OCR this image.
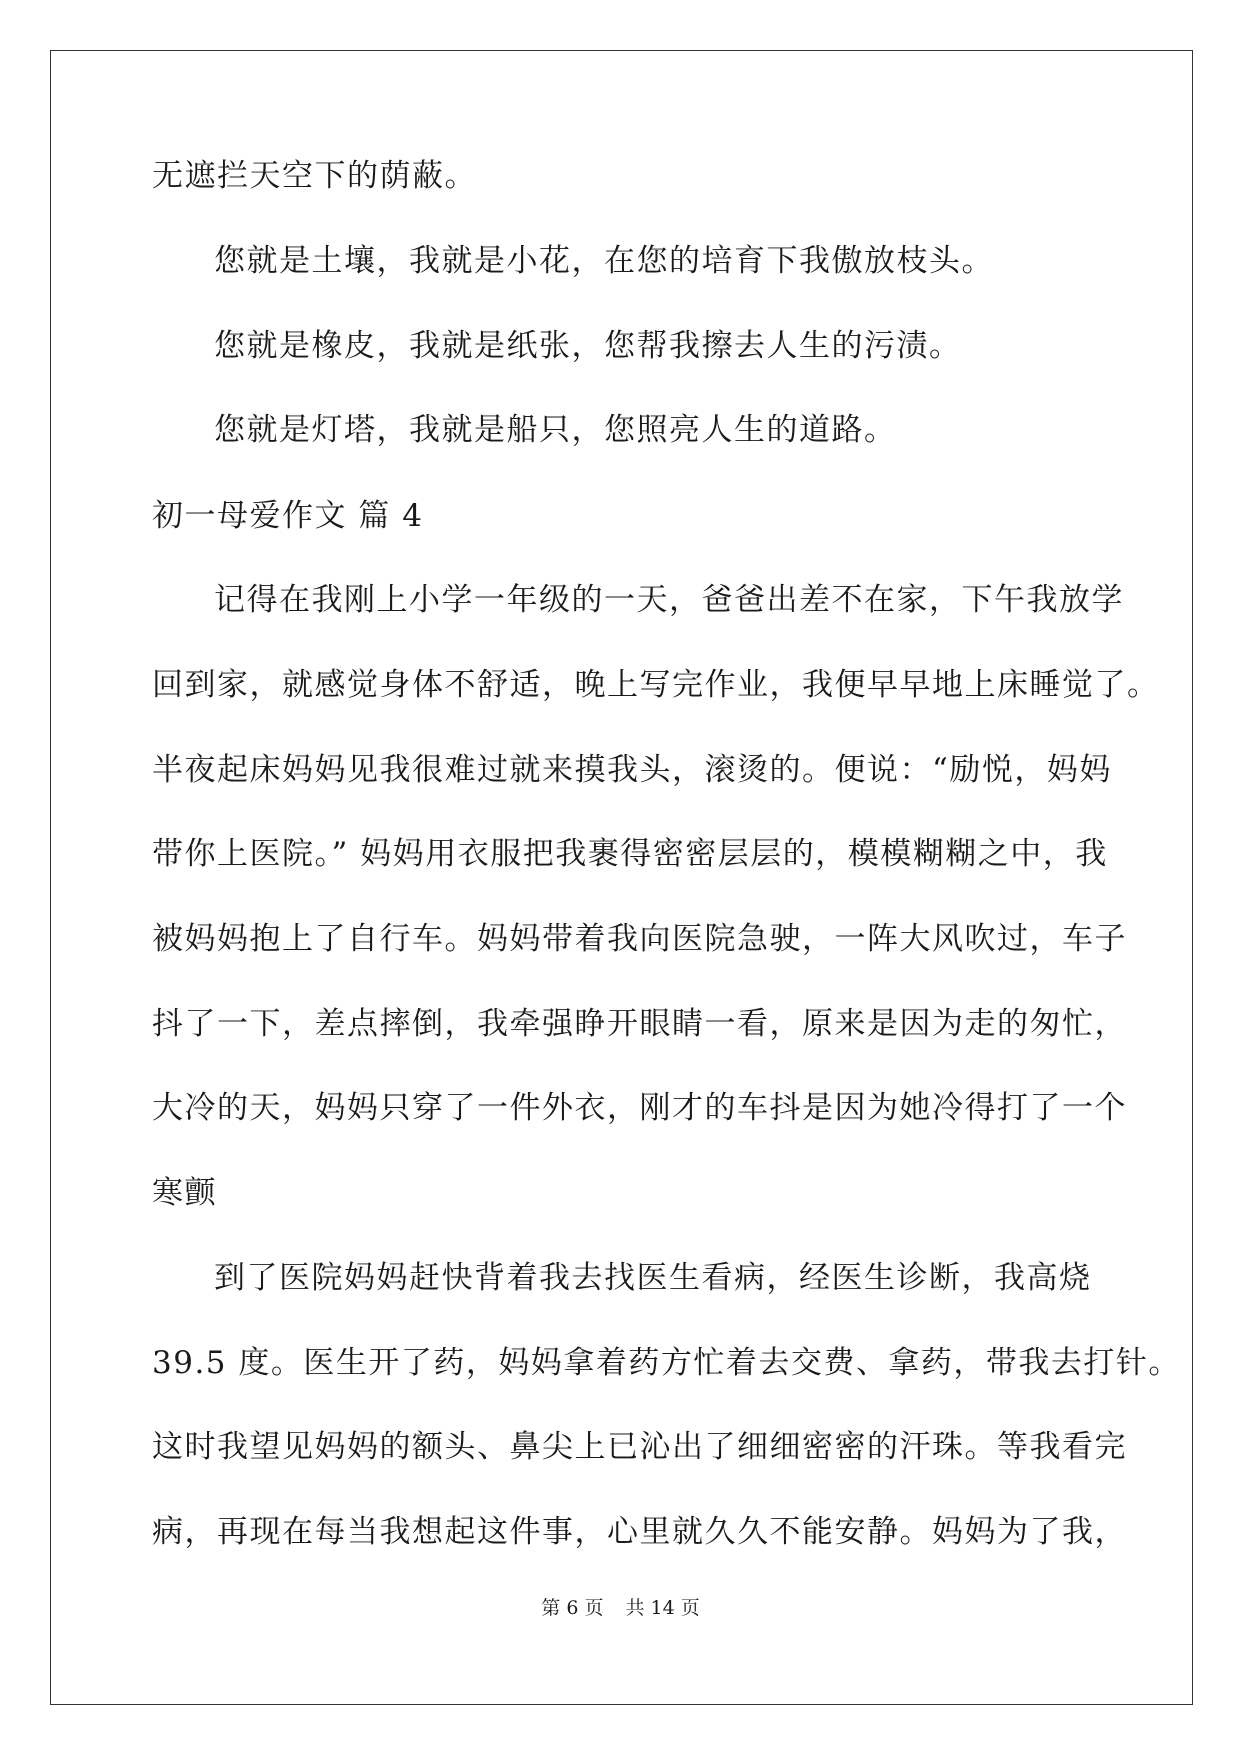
无遮拦天空下的荫蔽。
您就是土壤，我就是小花，在您的培育下我傲放枝头。
您就是橡皮，我就是纸张，您帮我擦去人生的污渍。
您就是灯塔，我就是船只，您照亮人生的道路。
初一母爱作文 篇 4
记得在我刚上小学一年级的一天，爸爸出差不在家，下午我放学
回到家，就感觉身体不舒适，晚上写完作业，我便早早地上床睡觉了。
半夜起床妈妈见我很难过就来摸我头，滚烫的。便说：“励悦，妈妈
带你上医院。” 妈妈用衣服把我裹得密密层层的，模模糊糊之中，我
被妈妈抱上了自行车。妈妈带着我向医院急驶，一阵大风吹过，车子
抖了一下，差点摔倒，我牵强睁开眼睛一看，原来是因为走的匆忙，
大冷的天，妈妈只穿了一件外衣，刚才的车抖是因为她冷得打了一个
寒颤
到了医院妈妈赶快背着我去找医生看病，经医生诊断，我高烧
39.5 度。医生开了药，妈妈拿着药方忙着去交费、拿药，带我去打针。
这时我望见妈妈的额头、鼻尖上已沁出了细细密密的汗珠。等我看完
病，再现在每当我想起这件事，心里就久久不能安静。妈妈为了我，
第 6 页 共 14 页
